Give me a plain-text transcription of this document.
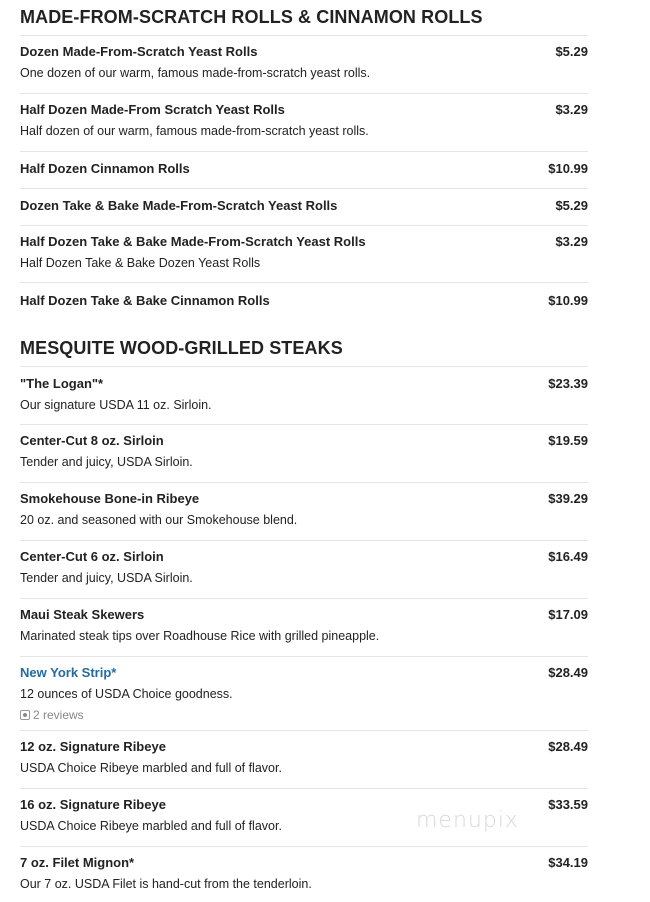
MADE-FROM-SCRATCH ROLLS & CINNAMON ROLLS
$5.29
Dozen Made-From-Scratch Yeast Rolls
One dozen of our warm, famous made-from-scratch yeast rolls.
$3.29
Half Dozen Made-From Scratch Yeast Rolls
Half dozen of our warm, famous made-from-scratch yeast rolls.
$10.99
Half Dozen Cinnamon Rolls
$5.29
Dozen Take & Bake Made-From-Scratch Yeast Rolls
$3.29
Half Dozen Take & Bake Made-From-Scratch Yeast Rolls
Half Dozen Take & Bake Dozen Yeast Rolls
$10.99
Half Dozen Take & Bake Cinnamon Rolls
MESQUITE WOOD-GRILLED STEAKS
$23.39
"The Logan"*
Our signature USDA 11 oz. Sirloin.
$19.59
Center-Cut 8 oz. Sirloin
Tender and juicy, USDA Sirloin.
$39.29
Smokehouse Bone-in Ribeye
20 oz. and seasoned with our Smokehouse blend.
$16.49
Center-Cut 6 oz. Sirloin
Tender and juicy, USDA Sirloin.
$17.09
Maui Steak Skewers
Marinated steak tips over Roadhouse Rice with grilled pineapple.
$28.49
New York Strip*
12 ounces of USDA Choice goodness.
2 reviews
$28.49
12 oz. Signature Ribeye
USDA Choice Ribeye marbled and full of flavor.
$33.59
16 oz. Signature Ribeye
USDA Choice Ribeye marbled and full of flavor.
$34.19
7 oz. Filet Mignon*
Our 7 oz. USDA Filet is hand-cut from the tenderloin.
menupix
